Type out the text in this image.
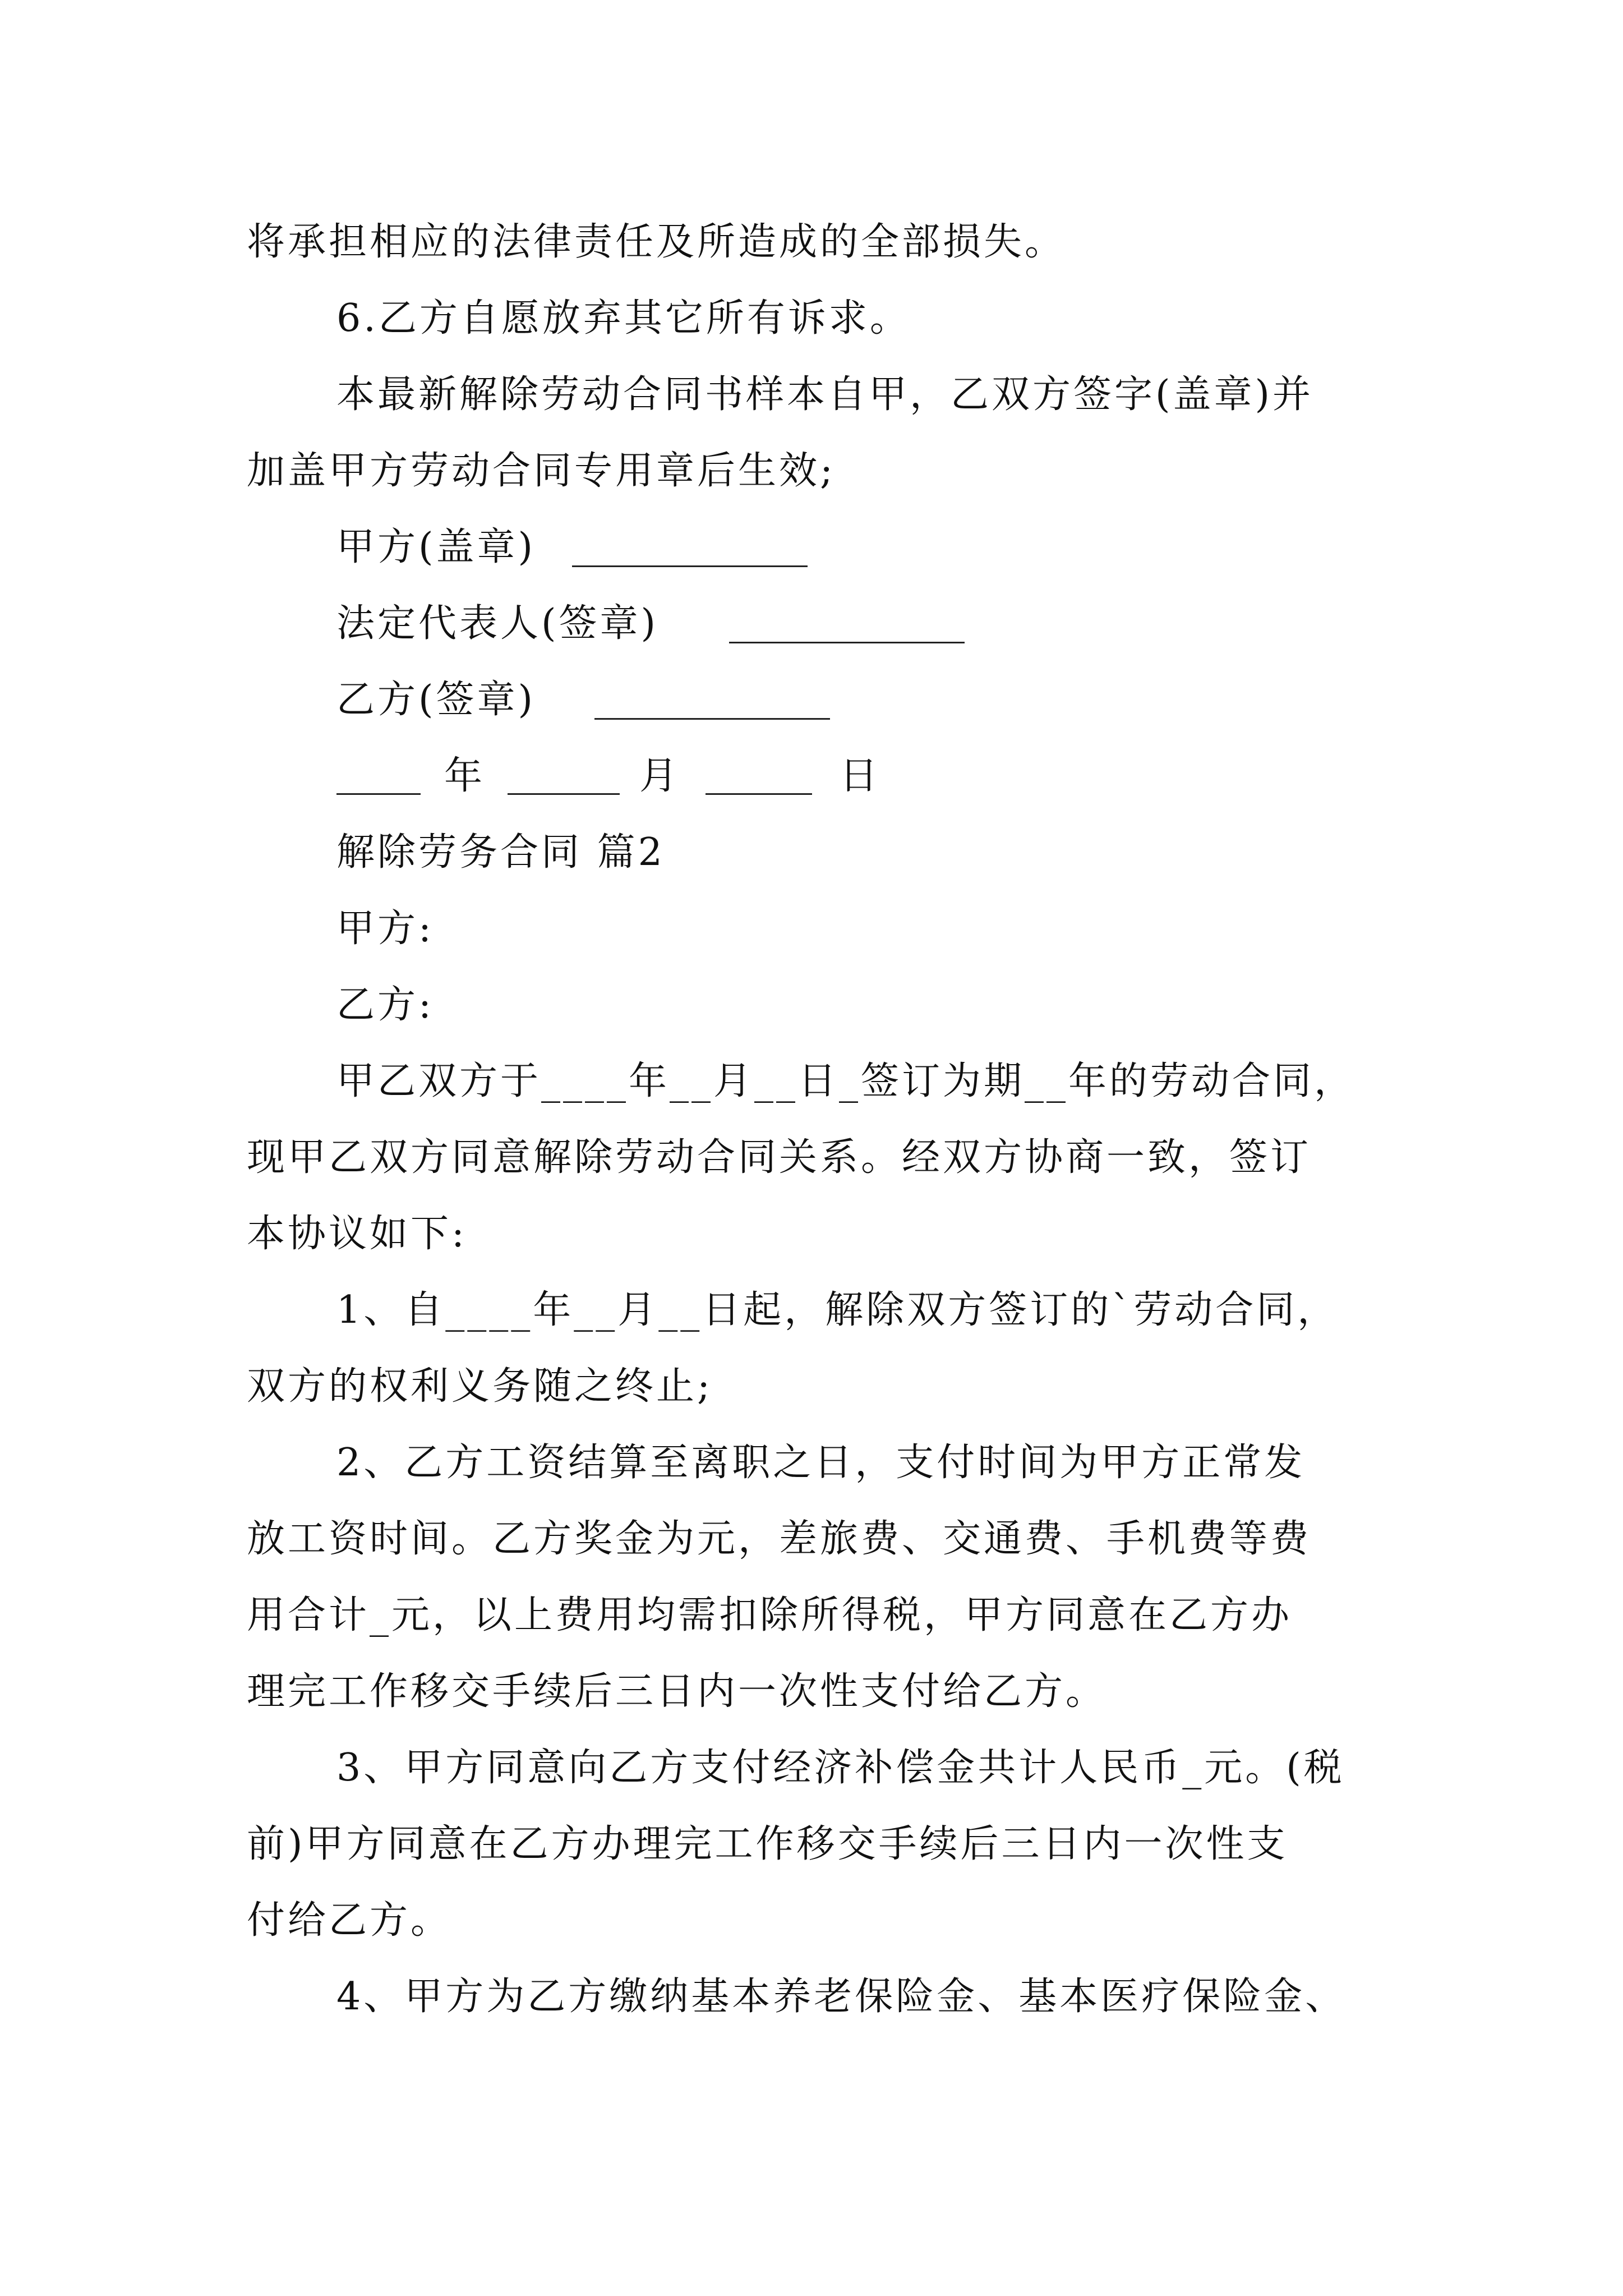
将承担相应的法律责任及所造成的全部损失。
6.乙方自愿放弃其它所有诉求。
本最新解除劳动合同书样本自甲，乙双方签字(盖章)并
加盖甲方劳动合同专用章后生效;
甲方(盖章)
法定代表人(签章)
乙方(签章)
年	月	日
解除劳务合同 篇2
甲方:
乙方:
甲乙双方于____年__月__日_签订为期__年的劳动合同，
现甲乙双方同意解除劳动合同关系。经双方协商一致，签订
本协议如下:
1、自____年__月__日起，解除双方签订的`劳动合同，
双方的权利义务随之终止;
2、乙方工资结算至离职之日，支付时间为甲方正常发
放工资时间。乙方奖金为元，差旅费、交通费、手机费等费
用合计_元，以上费用均需扣除所得税，甲方同意在乙方办
理完工作移交手续后三日内一次性支付给乙方。
3、甲方同意向乙方支付经济补偿金共计人民币_元。(税
前)甲方同意在乙方办理完工作移交手续后三日内一次性支
付给乙方。
4、甲方为乙方缴纳基本养老保险金、基本医疗保险金、
